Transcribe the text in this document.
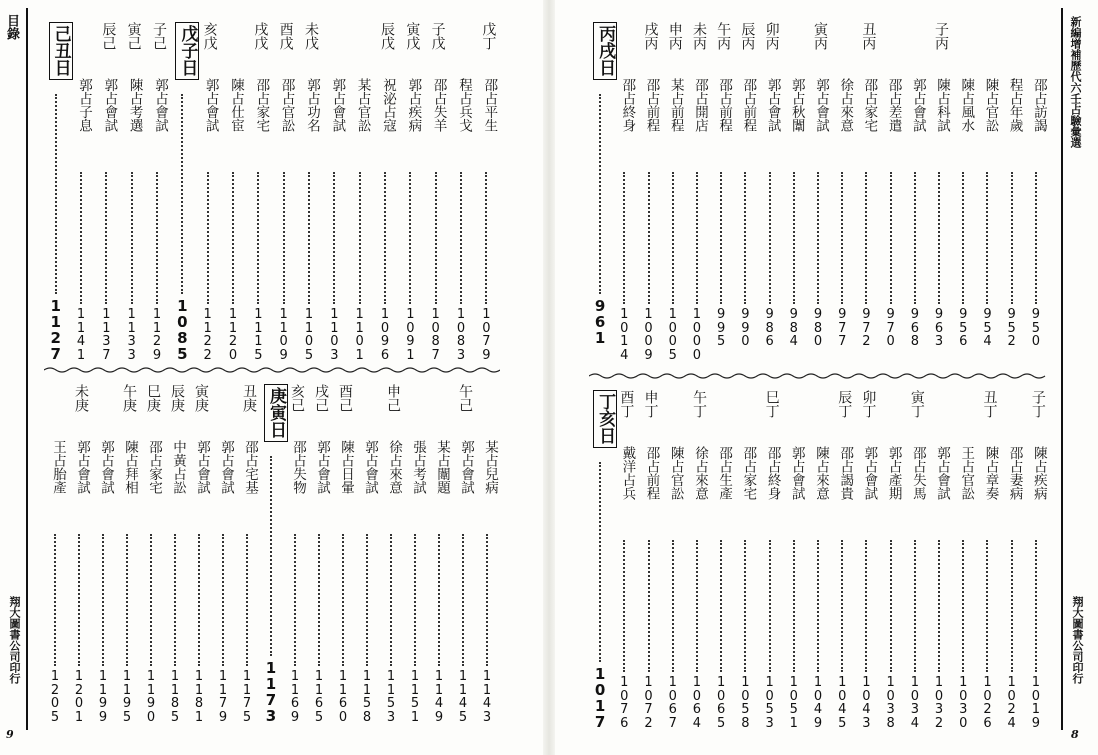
目錄
翔大圖書公司印行
9
戊丁
邵占平生
1
0
7
9
程占兵戈
1
0
8
3
子戊
邵占失羊
1
0
8
7
寅戊
郭占疾病
1
0
9
1
辰戊
祝泌占寇
1
0
9
6
某占官訟
1
1
0
1
郭占會試
1
1
0
3
未戊
郭占功名
1
1
0
5
酉戊
邵占官訟
1
1
0
9
戌戊
邵占家宅
1
1
1
5
陳占仕宦
1
1
2
0
亥戊
郭占會試
1
1
2
2
戊子日
1
0
8
5
子己
郭占會試
1
1
2
9
寅己
陳占考選
1
1
3
3
辰己
郭占會試
1
1
3
7
郭占子息
1
1
4
1
己丑日
1
1
2
7
某占兒病
1
1
4
3
午己
郭占會試
1
1
4
5
某占闈題
1
1
4
9
張占考試
1
1
5
1
申己
徐占來意
1
1
5
3
郭占會試
1
1
5
8
酉己
陳占日暈
1
1
6
0
戌己
郭占會試
1
1
6
5
亥己
邵占失物
1
1
6
9
庚寅日
1
1
7
3
丑庚
邵占宅基
1
1
7
5
郭占會試
1
1
7
9
寅庚
郭占會試
1
1
8
1
辰庚
中黃占訟
1
1
8
5
巳庚
邵占家宅
1
1
9
0
午庚
陳占拜相
1
1
9
5
郭占會試
1
1
9
9
未庚
郭占會試
1
2
0
1
王占胎產
1
2
0
5
新編增補歷代六壬占驗彙選
翔大圖書公司印行
8
邵占訪謁
9
5
0
程占年歲
9
5
2
陳占官訟
9
5
4
陳占風水
9
5
6
子丙
陳占科試
9
6
3
郭占會試
9
6
8
邵占差遣
9
7
0
丑丙
邵占家宅
9
7
2
徐占來意
9
7
7
寅丙
郭占會試
9
8
0
郭占秋闈
9
8
4
卯丙
郭占會試
9
8
6
辰丙
邵占前程
9
9
0
午丙
邵占前程
9
9
5
未丙
邵占開店
1
0
0
0
申丙
某占前程
1
0
0
5
戌丙
邵占前程
1
0
0
9
邵占終身
1
0
1
4
丙戌日
9
6
1
子丁
陳占疾病
1
0
1
9
邵占妻病
1
0
2
4
丑丁
陳占章奏
1
0
2
6
王占官訟
1
0
3
0
郭占會試
1
0
3
2
寅丁
邵占失馬
1
0
3
4
郭占產期
1
0
3
8
卯丁
郭占會試
1
0
4
3
辰丁
邵占謁貴
1
0
4
5
陳占來意
1
0
4
9
郭占會試
1
0
5
1
巳丁
邵占終身
1
0
5
3
邵占家宅
1
0
5
8
邵占生產
1
0
6
5
午丁
徐占來意
1
0
6
4
陳占官訟
1
0
6
7
申丁
邵占前程
1
0
7
2
酉丁
戴洋占兵
1
0
7
6
丁亥日
1
0
1
7
